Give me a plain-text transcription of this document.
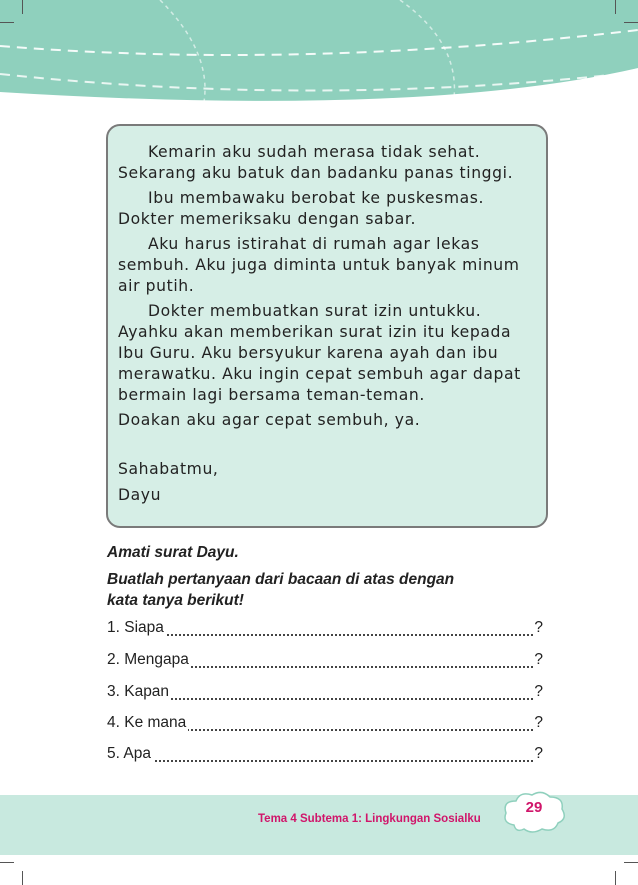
Kemarin aku sudah merasa tidak sehat.
Sekarang aku batuk dan badanku panas tinggi.
Ibu membawaku berobat ke puskesmas.
Dokter memeriksaku dengan sabar.
Aku harus istirahat di rumah agar lekas
sembuh. Aku juga diminta untuk banyak minum
air putih.
Dokter membuatkan surat izin untukku.
Ayahku akan memberikan surat izin itu kepada
Ibu Guru. Aku bersyukur karena ayah dan ibu
merawatku. Aku ingin cepat sembuh agar dapat
bermain lagi bersama teman-teman.
Doakan aku agar cepat sembuh, ya.
Sahabatmu,
Dayu
Amati surat Dayu.
Buatlah pertanyaan dari bacaan di atas dengan
kata tanya berikut!
1. Siapa	?
2. Mengapa	?
3. Kapan	?
4. Ke mana	?
5. Apa	?
Tema 4 Subtema 1: Lingkungan Sosialku
29
